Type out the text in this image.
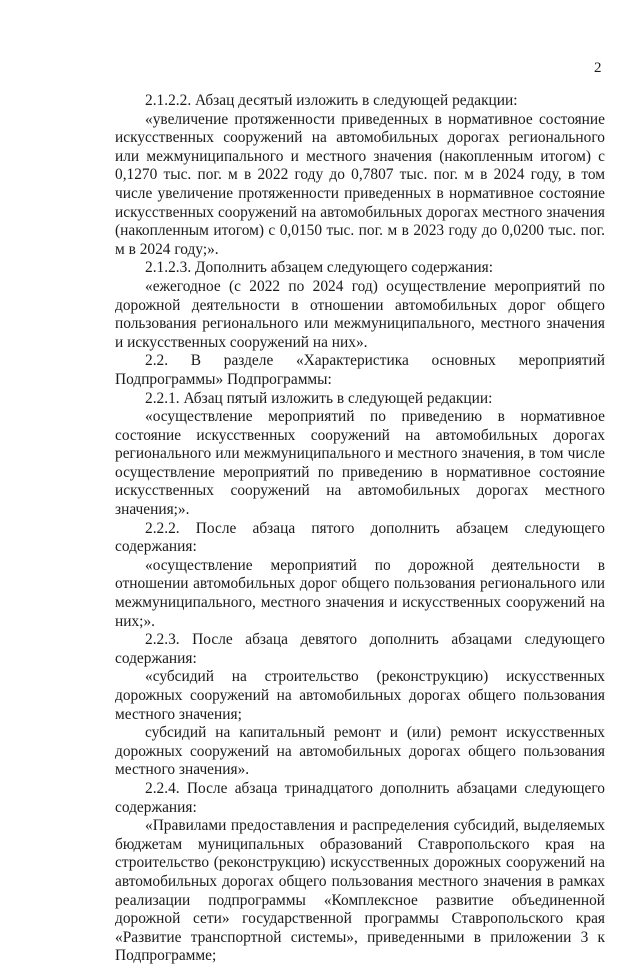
2

2.1.2.2. Абзац десятый изложить в следующей редакции:

«увеличение протяженности приведенных в нормативное состояние искусственных сооружений на автомобильных дорогах регионального или межмуниципального и местного значения (накопленным итогом) с 0,1270 тыс. пог. м в 2022 году до 0,7807 тыс. пог. м в 2024 году, в том числе увеличение протяженности приведенных в нормативное состояние искусственных сооружений на автомобильных дорогах местного значения (накопленным итогом) с 0,0150 тыс. пог. м в 2023 году до 0,0200 тыс. пог. м в 2024 году;».

2.1.2.3. Дополнить абзацем следующего содержания:

«ежегодное (с 2022 по 2024 год) осуществление мероприятий по дорожной деятельности в отношении автомобильных дорог общего пользования регионального или межмуниципального, местного значения и искусственных сооружений на них».

2.2. В разделе «Характеристика основных мероприятий Подпрограммы» Подпрограммы:

2.2.1. Абзац пятый изложить в следующей редакции:

«осуществление мероприятий по приведению в нормативное состояние искусственных сооружений на автомобильных дорогах регионального или межмуниципального и местного значения, в том числе осуществление мероприятий по приведению в нормативное состояние искусственных сооружений на автомобильных дорогах местного значения;».

2.2.2. После абзаца пятого дополнить абзацем следующего содержания:

«осуществление мероприятий по дорожной деятельности в отношении автомобильных дорог общего пользования регионального или межмуниципального, местного значения и искусственных сооружений на них;».

2.2.3. После абзаца девятого дополнить абзацами следующего содержания:

«субсидий на строительство (реконструкцию) искусственных дорожных сооружений на автомобильных дорогах общего пользования местного значения;

субсидий на капитальный ремонт и (или) ремонт искусственных дорожных сооружений на автомобильных дорогах общего пользования местного значения».

2.2.4. После абзаца тринадцатого дополнить абзацами следующего содержания:

«Правилами предоставления и распределения субсидий, выделяемых бюджетам муниципальных образований Ставропольского края на строительство (реконструкцию) искусственных дорожных сооружений на автомобильных дорогах общего пользования местного значения в рамках реализации подпрограммы «Комплексное развитие объединенной дорожной сети» государственной программы Ставропольского края «Развитие транспортной системы», приведенными в приложении 3 к Подпрограмме;
